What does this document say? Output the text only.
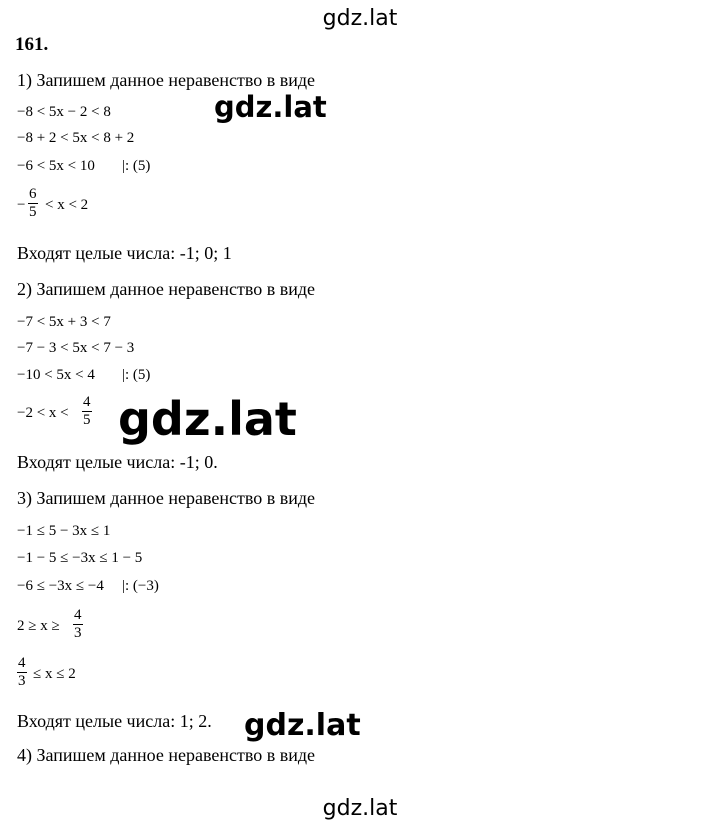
gdz.lat
gdz.lat
gdz.lat
gdz.lat
gdz.lat
161.
1) Запишем данное неравенство в виде
−8 < 5x − 2 < 8
−8 + 2 < 5x < 8 + 2
−6 < 5x < 10 |: (5)
− $\frac{6}{5} < x < 2$
Входят целые числа: -1; 0; 1
2) Запишем данное неравенство в виде
−7 < 5x + 3 < 7
−7 − 3 < 5x < 7 − 3
−10 < 5x < 4 |: (5)
$-2 < x < \frac{4}{5}$
Входят целые числа: -1; 0.
3) Запишем данное неравенство в виде
−1 ≤ 5 − 3x ≤ 1
−1 − 5 ≤ −3x ≤ 1 − 5
−6 ≤ −3x ≤ −4 |: (−3)
$2 \ge x \ge \frac{4}{3}$
$\frac{4}{3} \le x \le 2$
Входят целые числа: 1; 2.
4) Запишем данное неравенство в виде
